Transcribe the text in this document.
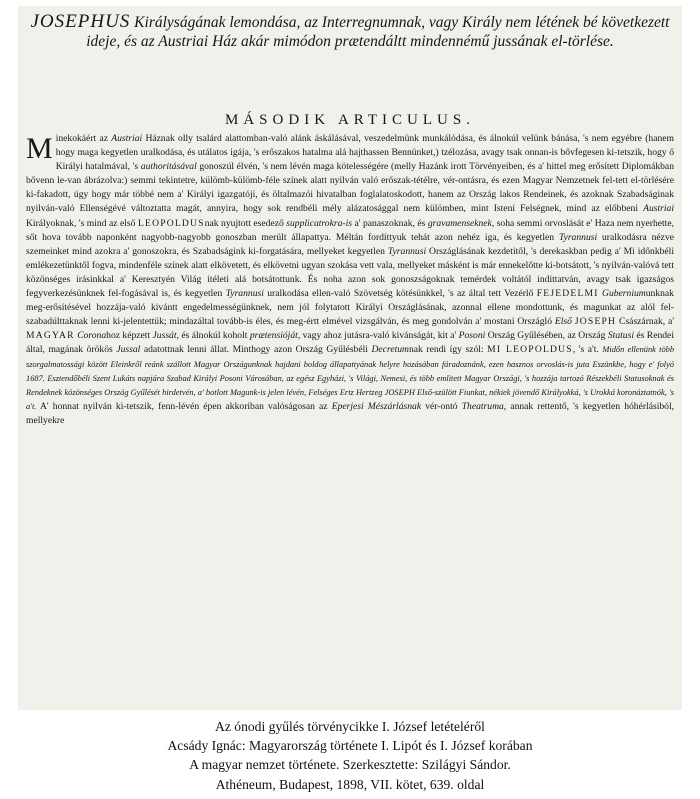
JOSEPHUS Királyságának lemondása, az Interregnumnak, vagy Király nem létének bé következett ideje, és az Austriai Ház akár mimódon prætendáltt mindennémű jussának el-törlése.
MÁSODIK ARTICULUS.
M inekokáért az Austriai Háznak olly tsalárd alattomban-való alánk áskálásával, veszedelmünk munkálódása, és álnokúl velünk bánása, 's nem egyébre (hanem hogy maga kegyetlen uralkodása, és utálatos igája, 's erőszakos hatalma alá hajthassen Bennünket,) tzélozása, avagy tsak onnan-is bővfegesen ki-tetszik, hogy ő Királyi hatalmával, 's authoritásával gonoszúl élvén, 's nem lévén maga kötelességére (melly Hazánk irott Törvényeiben, és a' hittel meg erősített Diplomákban bővenn le-van ábrázolva:) semmi tekintetre, külömb-külömb-féle színek alatt nyilván való erőszak-tétélre, vér-ontásra, és ezen Magyar Nemzetnek fel-tett el-törlésére ki-fakadott, úgy hogy már többé nem a' Királyi igazgatóji, és öltalmazói hivatalban foglalatoskodott, hanem az Ország lakos Rendeinek, és azoknak Szabadságinak nyilván-való Ellenségévé változtatta magát, annyira, hogy sok rendbéli mély alázatosággal nem külömben, mint Istení Felségnek, mind az előbbeni Austriai Királyoknak, 's mind az első LEOPOLDUSnak nyujtott esedező supplicatrokra-is a' panaszoknak, és gravamenseknek, soha semmi orvoslását e' Haza nem nyerhette, sőt hova tovább naponként nagyobb-nagyobb gonoszban merült állapattya. Méltán fordíttyuk tehát azon nehéz iga, és kegyetlen Tyrannusi uralkodásra nézve szemeinket mind azokra a' gonoszokra, és Szabadságink ki-forgatására, mellyeket kegyetlen Tyrannusi Országlásának kezdetitől, 's derekaskban pedig a' Mi időnkbéli emlékezetünktől fogva, mindenféle színek alatt elkövetett, és elkövetni ugyan szokása vett vala, mellyeket másként is már ennekelőtte ki-botsátott, 's nyilván-valóvá tett közönséges írásinkkal a' Keresztyén Világ ítéleti alá botsátottunk. És noha azon sok gonoszságoknak temérdek voltától indittatván, avagy tsak igazságos fegyverkezésünknek fel-fogásával is, és kegyetlen Tyrannusi uralkodása ellen-való Szövetség kötésünkkel, 's az által tett Vezérlő FEJEDELMI Guberniumunknak meg-erősítésével hozzája-való kivántt engedelmességünknek, nem jól folytatott Királyi Országlásának, azonnal ellene mondottunk, és magunkat az alól fel-szabadúlttaknak lenni ki-jelentettük; mindazáltal tovább-is éles, és meg-értt elmével vizsgálván, és meg gondolván a' mostani Országló Első JOSEPH Császárnak, a' MAGYAR Coronahoz képzett Jussát, és álnokúl koholt prætensióját, vagy ahoz jutásra-való kivánságát, kit a' Posoni Ország Gyűlésében, az Ország Statusi és Rendei által, magának örökös Jussal adatottnak lenni állat. Minthogy azon Ország Gyűlésbéli Decretumnak rendi így szól: MI LEOPOLDUS, 's a't. Midőn ellenünk több szorgalmatossági között Eleinkről reánk szállott Magyar Országunknak hajdani boldog állapattyának helyre hozásában fáradoznánk, ezen hasznos orvoslás-is juta Eszünkbe, hogy e' folyó 1687. Esztendőbéli Szent Lukáts napjára Szabad Királyi Posoni Városában, az egész Egyházi, 's Világi, Nemesi, és több emlitett Magyar Országi, 's hozzája tartozó Részekbéli Statusoknak és Rendeknek közönséges Ország Gyűlését hirdetvén, a' botlott Magunk-is jelen lévén, Felséges Ertz Hertzeg JOSEPH Első-szülött Fiunkat, nékiek jövendő Királyokká, 's Urokká koronáztatnók, 's a't. A' honnat nyilván ki-tetszik, fenn-lévén épen akkoriban valóságosan az Eperjesi Mészárlásnak vér-ontó Theatruma, annak rettentő, 's kegyetlen hóhérlásiból, mellyekre
Az ónodi gyűlés törvénycikke I. József letételéről
Acsády Ignác: Magyarország története I. Lipót és I. József korában
A magyar nemzet története. Szerkesztette: Szilágyi Sándor.
Athéneum, Budapest, 1898, VII. kötet, 639. oldal
